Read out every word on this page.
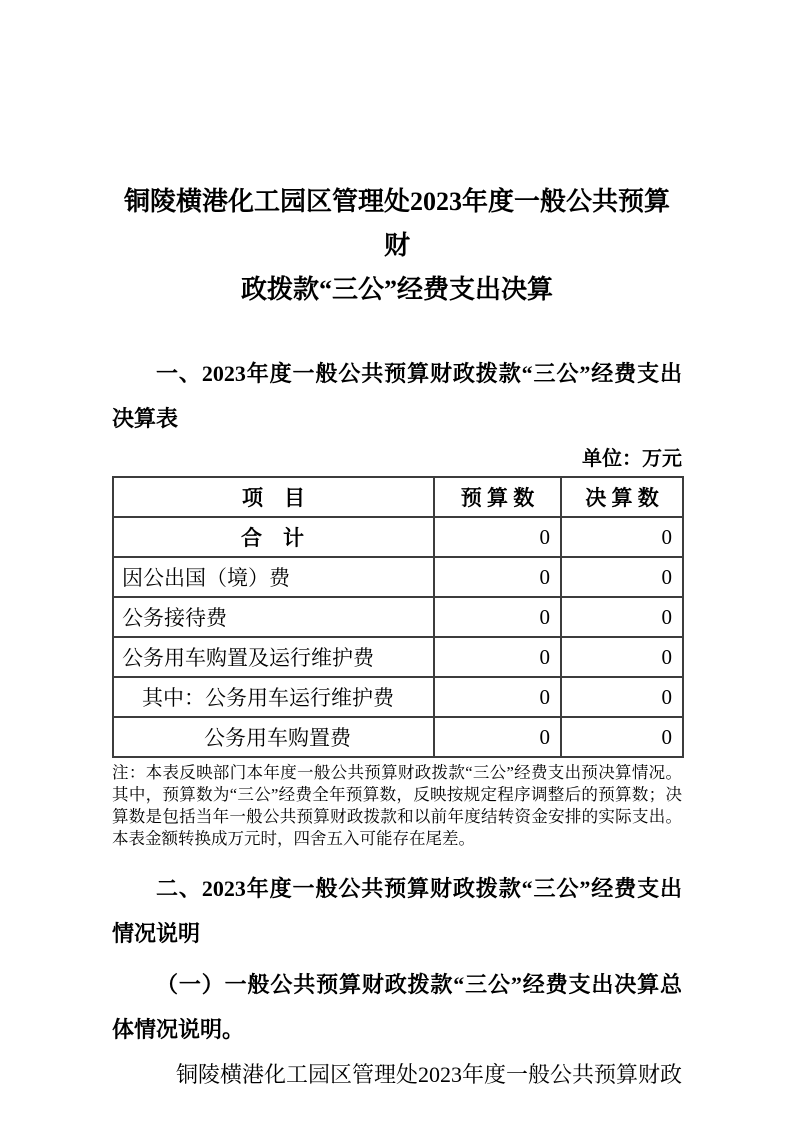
铜陵横港化工园区管理处2023年度一般公共预算财
政拨款“三公”经费支出决算

一、2023年度一般公共预算财政拨款“三公”经费支出决算表

单位：万元
项　目	预 算 数	决 算 数
合　计	0	0
因公出国（境）费	0	0
公务接待费	0	0
公务用车购置及运行维护费	0	0
其中：公务用车运行维护费	0	0
公务用车购置费	0	0
注：本表反映部门本年度一般公共预算财政拨款“三公”经费支出预决算情况。其中，预算数为“三公”经费全年预算数，反映按规定程序调整后的预算数；决算数是包括当年一般公共预算财政拨款和以前年度结转资金安排的实际支出。本表金额转换成万元时，四舍五入可能存在尾差。

二、2023年度一般公共预算财政拨款“三公”经费支出情况说明

（一）一般公共预算财政拨款“三公”经费支出决算总体情况说明。

铜陵横港化工园区管理处2023年度一般公共预算财政
